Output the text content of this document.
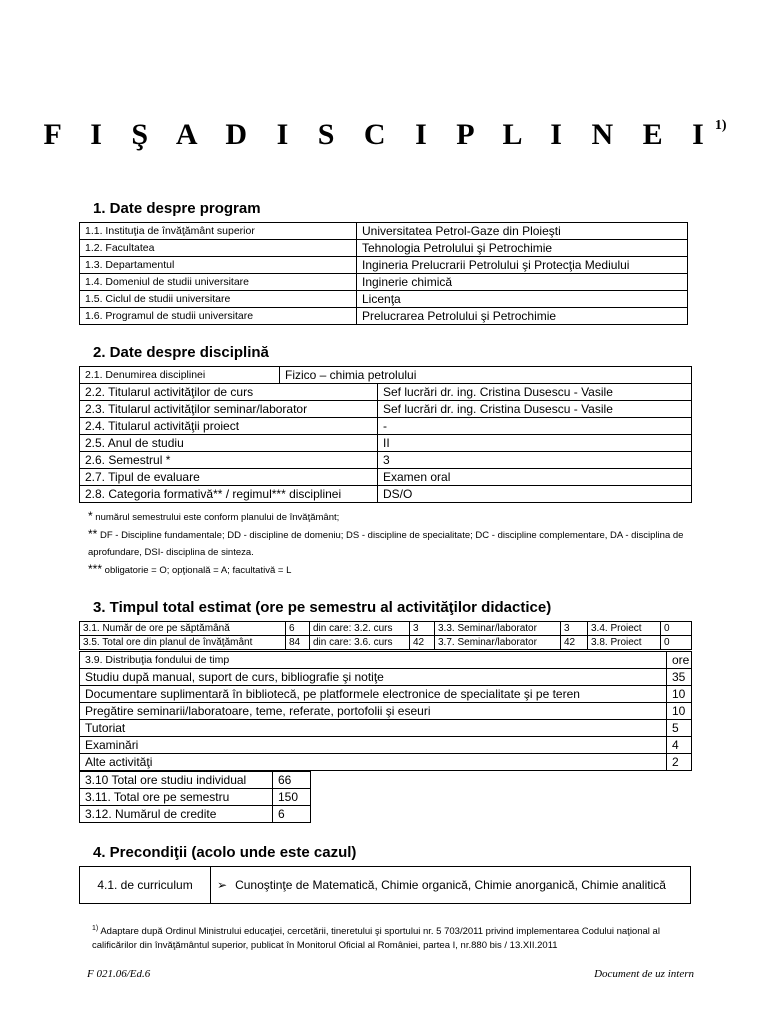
F I Ş A D I S C I P L I N E $I^{1)}$
1. Date despre program
1.1. Instituţia de învăţământ superior	Universitatea Petrol-Gaze din Ploieşti
1.2. Facultatea	Tehnologia Petrolului şi Petrochimie
1.3. Departamentul	Ingineria Prelucrarii Petrolului şi Protecţia Mediului
1.4. Domeniul de studii universitare	Inginerie chimică
1.5. Ciclul de studii universitare	Licenţa
1.6. Programul de studii universitare	Prelucrarea Petrolului şi Petrochimie
2. Date despre disciplină
2.1. Denumirea disciplinei	Fizico – chimia petrolului	
2.2. Titularul activităţilor de curs		Sef lucrări dr. ing. Cristina Dusescu - Vasile
2.3. Titularul activităţilor seminar/laborator		Sef lucrări dr. ing. Cristina Dusescu - Vasile
2.4. Titularul activităţii proiect		-
2.5. Anul de studiu		II
2.6. Semestrul *		3
2.7. Tipul de evaluare		Examen oral
2.8. Categoria formativă** / regimul*** disciplinei		DS/O
* numărul semestrului este conform planului de învăţământ;
** DF - Discipline fundamentale; DD - discipline de domeniu; DS - discipline de specialitate; DC - discipline complementare, DA - disciplina de aprofundare, DSI- disciplina de sinteza.
*** obligatorie = O; opţională = A; facultativă = L
3. Timpul total estimat (ore pe semestru al activităţilor didactice)
3.1. Număr de ore pe săptămână	6	din care: 3.2. curs	3	3.3. Seminar/laborator	3	3.4. Proiect	0
3.5. Total ore din planul de învăţământ	84	din care: 3.6. curs	42	3.7. Seminar/laborator	42	3.8. Proiect	0
3.9. Distribuţia fondului de timp	ore
Studiu după manual, suport de curs, bibliografie şi notiţe	35
Documentare suplimentară în bibliotecă, pe platformele electronice de specialitate şi pe teren	10
Pregătire seminarii/laboratoare, teme, referate, portofolii şi eseuri	10
Tutoriat	5
Examinări	4
Alte activităţi	2
3.10 Total ore studiu individual	66
3.11. Total ore pe semestru	150
3.12. Numărul de credite	6
4. Precondiţii (acolo unde este cazul)
4.1. de curriculum	➢ Cunoştinţe de Matematică, Chimie organică, Chimie anorganică, Chimie analitică
$^{1)}$ Adaptare după Ordinul Ministrului educaţiei, cercetării, tineretului şi sportului nr. 5 703/2011 privind implementarea Codului naţional al calificărilor din învăţământul superior, publicat în Monitorul Oficial al României, partea I, nr.880 bis / 13.XII.2011
F 021.06/Ed.6	Document de uz intern
